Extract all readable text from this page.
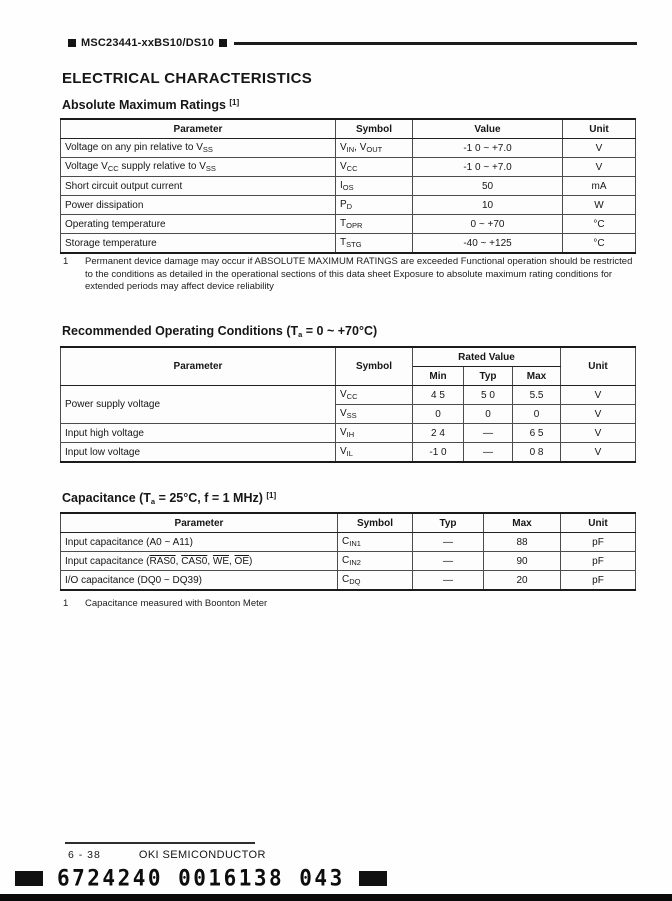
MSC23441-xxBS10/DS10
ELECTRICAL CHARACTERISTICS
Absolute Maximum Ratings [1]
Parameter	Symbol	Value	Unit
Voltage on any pin relative to $V_{SS}$	$V_{IN}$, $V_{OUT}$	-1 0 ~ +7.0	V
Voltage $V_{CC}$ supply relative to $V_{SS}$	$V_{CC}$	-1 0 ~ +7.0	V
Short circuit output current	$I_{OS}$	50	mA
Power dissipation	$P_D$	10	W
Operating temperature	$T_{OPR}$	0 ~ +70	°C
Storage temperature	$T_{STG}$	-40 ~ +125	°C
1	Permanent device damage may occur if ABSOLUTE MAXIMUM RATINGS are exceeded Functional operation should be restricted to the conditions as detailed in the operational sections of this data sheet Exposure to absolute maximum rating conditions for extended periods may affect device reliability
Recommended Operating Conditions ($T_a = 0$ ~ +70°C)
Parameter	Symbol	Rated Value			Unit
		Min	Typ	Max	
Power supply voltage	$V_{CC}$	4 5	5 0	5.5	V
	$V_{SS}$	0	0	0	V
Input high voltage	$V_{IH}$	2 4	—	6 5	V
Input low voltage	$V_{IL}$	-1 0	—	0 8	V
Capacitance ($T_a = 25^\circ C$, f = 1 MHz) [1]
Parameter	Symbol	Typ	Max	Unit
Input capacitance (A0 ~ A11)	$C_{IN1}$	—	88	pF
Input capacitance (RAS0, CAS0, $\overline{WE}$, $\overline{OE}$)	$C_{IN2}$	—	90	pF
I/O capacitance (DQ0 ~ DQ39)	$C_{DQ}$	—	20	pF
1	Capacitance measured with Boonton Meter
6 - 38	OKI SEMICONDUCTOR
6724240 0016138 043
